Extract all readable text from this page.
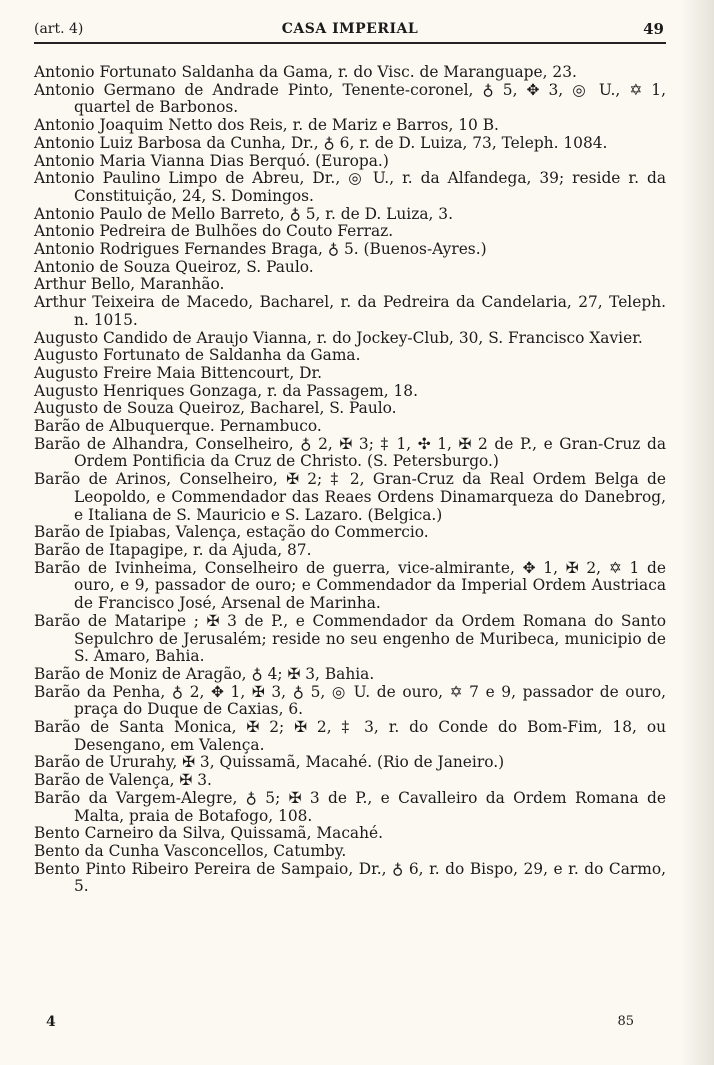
(art. 4)	CASA IMPERIAL	49
Antonio Fortunato Saldanha da Gama, r. do Visc. de Maranguape, 23.
Antonio Germano de Andrade Pinto, Tenente-coronel, ♁ 5, ✥ 3, ◎ U., ✡ 1, quartel de Barbonos.
Antonio Joaquim Netto dos Reis, r. de Mariz e Barros, 10 B.
Antonio Luiz Barbosa da Cunha, Dr., ♁ 6, r. de D. Luiza, 73, Teleph. 1084.
Antonio Maria Vianna Dias Berquó. (Europa.)
Antonio Paulino Limpo de Abreu, Dr., ◎ U., r. da Alfandega, 39; reside r. da Constituição, 24, S. Domingos.
Antonio Paulo de Mello Barreto, ♁ 5, r. de D. Luiza, 3.
Antonio Pedreira de Bulhões do Couto Ferraz.
Antonio Rodrigues Fernandes Braga, ♁ 5. (Buenos-Ayres.)
Antonio de Souza Queiroz, S. Paulo.
Arthur Bello, Maranhão.
Arthur Teixeira de Macedo, Bacharel, r. da Pedreira da Candelaria, 27, Teleph. n. 1015.
Augusto Candido de Araujo Vianna, r. do Jockey-Club, 30, S. Francisco Xavier.
Augusto Fortunato de Saldanha da Gama.
Augusto Freire Maia Bittencourt, Dr.
Augusto Henriques Gonzaga, r. da Passagem, 18.
Augusto de Souza Queiroz, Bacharel, S. Paulo.
Barão de Albuquerque. Pernambuco.
Barão de Alhandra, Conselheiro, ♁ 2, ✠ 3; ‡ 1, ✣ 1, ✠ 2 de P., e Gran-Cruz da Ordem Pontificia da Cruz de Christo. (S. Petersburgo.)
Barão de Arinos, Conselheiro, ✠ 2; ‡ 2, Gran-Cruz da Real Ordem Belga de Leopoldo, e Commendador das Reaes Ordens Dinamarqueza do Danebrog, e Italiana de S. Mauricio e S. Lazaro. (Belgica.)
Barão de Ipiabas, Valença, estação do Commercio.
Barão de Itapagipe, r. da Ajuda, 87.
Barão de Ivinheima, Conselheiro de guerra, vice-almirante, ✥ 1, ✠ 2, ✡ 1 de ouro, e 9, passador de ouro; e Commendador da Imperial Ordem Austriaca de Francisco José, Arsenal de Marinha.
Barão de Mataripe ; ✠ 3 de P., e Commendador da Ordem Romana do Santo Sepulchro de Jerusalém; reside no seu engenho de Muribeca, municipio de S. Amaro, Bahia.
Barão de Moniz de Aragão, ♁ 4; ✠ 3, Bahia.
Barão da Penha, ♁ 2, ✥ 1, ✠ 3, ♁ 5, ◎ U. de ouro, ✡ 7 e 9, passador de ouro, praça do Duque de Caxias, 6.
Barão de Santa Monica, ✠ 2; ✠ 2, ‡ 3, r. do Conde do Bom-Fim, 18, ou Desengano, em Valença.
Barão de Ururahy, ✠ 3, Quissamã, Macahé. (Rio de Janeiro.)
Barão de Valença, ✠ 3.
Barão da Vargem-Alegre, ♁ 5; ✠ 3 de P., e Cavalleiro da Ordem Romana de Malta, praia de Botafogo, 108.
Bento Carneiro da Silva, Quissamã, Macahé.
Bento da Cunha Vasconcellos, Catumby.
Bento Pinto Ribeiro Pereira de Sampaio, Dr., ♁ 6, r. do Bispo, 29, e r. do Carmo, 5.
4	85
